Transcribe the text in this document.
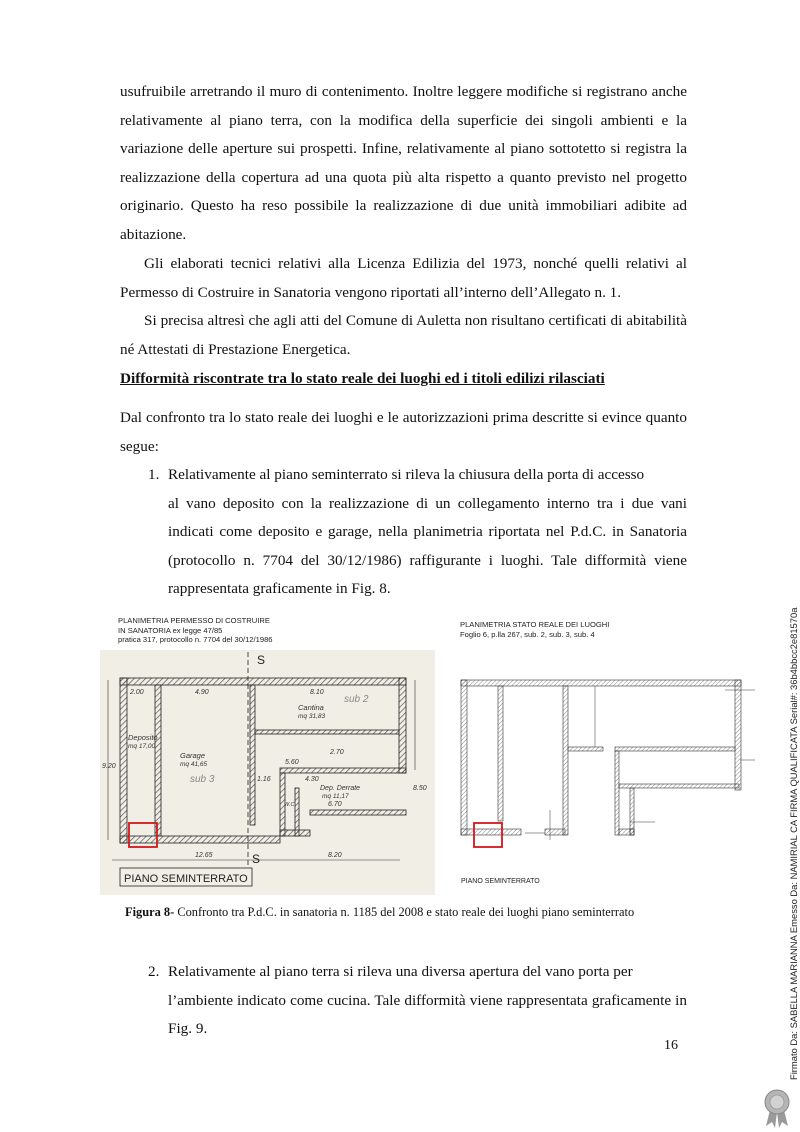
usufruibile arretrando il muro di contenimento. Inoltre leggere modifiche si registrano anche relativamente al piano terra, con la modifica della superficie dei singoli ambienti e la variazione delle aperture sui prospetti. Infine, relativamente al piano sottotetto si registra la realizzazione della copertura ad una quota più alta rispetto a quanto previsto nel progetto originario. Questo ha reso possibile la realizzazione di due unità immobiliari adibite ad abitazione.

Gli elaborati tecnici relativi alla Licenza Edilizia del 1973, nonché quelli relativi al Permesso di Costruire in Sanatoria vengono riportati all’interno dell’Allegato n. 1.

Si precisa altresì che agli atti del Comune di Auletta non risultano certificati di abitabilità né Attestati di Prestazione Energetica.

Difformità riscontrate tra lo stato reale dei luoghi ed i titoli edilizi rilasciati

Dal confronto tra lo stato reale dei luoghi e le autorizzazioni prima descritte si evince quanto segue:

1. Relativamente al piano seminterrato si rileva la chiusura della porta di accesso

al vano deposito con la realizzazione di un collegamento interno tra i due vani indicati come deposito e garage, nella planimetria riportata nel P.d.C. in Sanatoria (protocollo n. 7704 del 30/12/1986) raffigurante i luoghi. Tale difformità viene rappresentata graficamente in Fig. 8.

PLANIMETRIA PERMESSO DI COSTRUIRE
IN SANATORIA ex legge 47/85
pratica 317, protocollo n. 7704 del 30/12/1986
PLANIMETRIA STATO REALE DEI LUOGHI
Foglio 6, p.lla 267, sub. 2, sub. 3, sub. 4
S
S
2.00	4.90	8.10
2.70
5.60
4.30
6.70
12.65	8.20
8.50
9.20
1.16
Deposito
mq 17,00
Garage
mq 41,65
Cantina
mq 31,83
Dep. Derrate
mq 11,17
W.C.
sub 2
sub 3
PIANO SEMINTERRATO	PIANO SEMINTERRATO
Figura 8- Confronto tra P.d.C. in sanatoria n. 1185 del 2008 e stato reale dei luoghi piano seminterrato
2. Relativamente al piano terra si rileva una diversa apertura del vano porta per

l’ambiente indicato come cucina. Tale difformità viene rappresentata graficamente in Fig. 9.

16	Firmato Da: SABELLA MARIANNA Emesso Da: NAMIRIAL CA FIRMA QUALIFICATA Serial#: 36b4bbcc2e81570a
